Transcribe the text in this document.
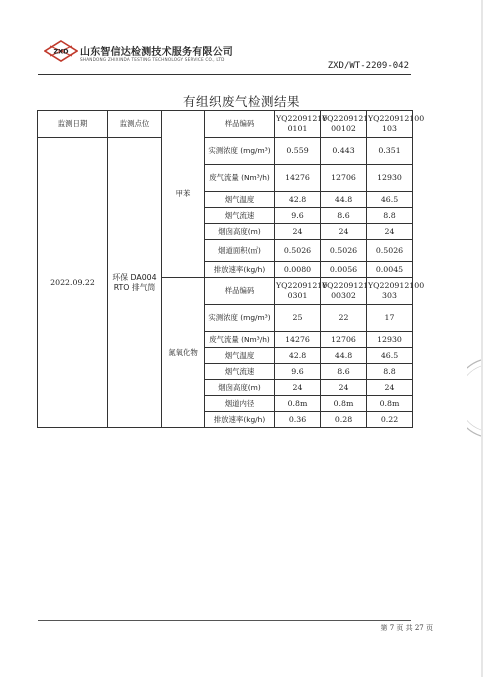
ZXD 山东智信达检测技术服务有限公司
SHANDONG ZHIXINDA TESTING TECHNOLOGY SERVICE CO., LTD
ZXD/WT-2209-042
有组织废气检测结果
监测日期	监测点位	甲苯	样品编码	YQ22091210 0101	YQ2209121 00102	YQ220912100 103
2022.09.22	环保 DA004 RTO 排气筒		实测浓度 (mg/m³)	0.559	0.443	0.351
			废气流量 (Nm³/h)	14276	12706	12930
			烟气温度	42.8	44.8	46.5
			烟气流速	9.6	8.6	8.8
			烟囱高度(m)	24	24	24
			烟道面积(㎡)	0.5026	0.5026	0.5026
			排放速率(kg/h)	0.0080	0.0056	0.0045
		氮氧化物	样品编码	YQ22091210 0301	YQ2209121 00302	YQ220912100 303
			实测浓度 (mg/m³)	25	22	17
			废气流量 (Nm³/h)	14276	12706	12930
			烟气温度	42.8	44.8	46.5
			烟气流速	9.6	8.6	8.8
			烟囱高度(m)	24	24	24
			烟道内径	0.8m	0.8m	0.8m
			排放速率(kg/h)	0.36	0.28	0.22
第 7 页 共 27 页
